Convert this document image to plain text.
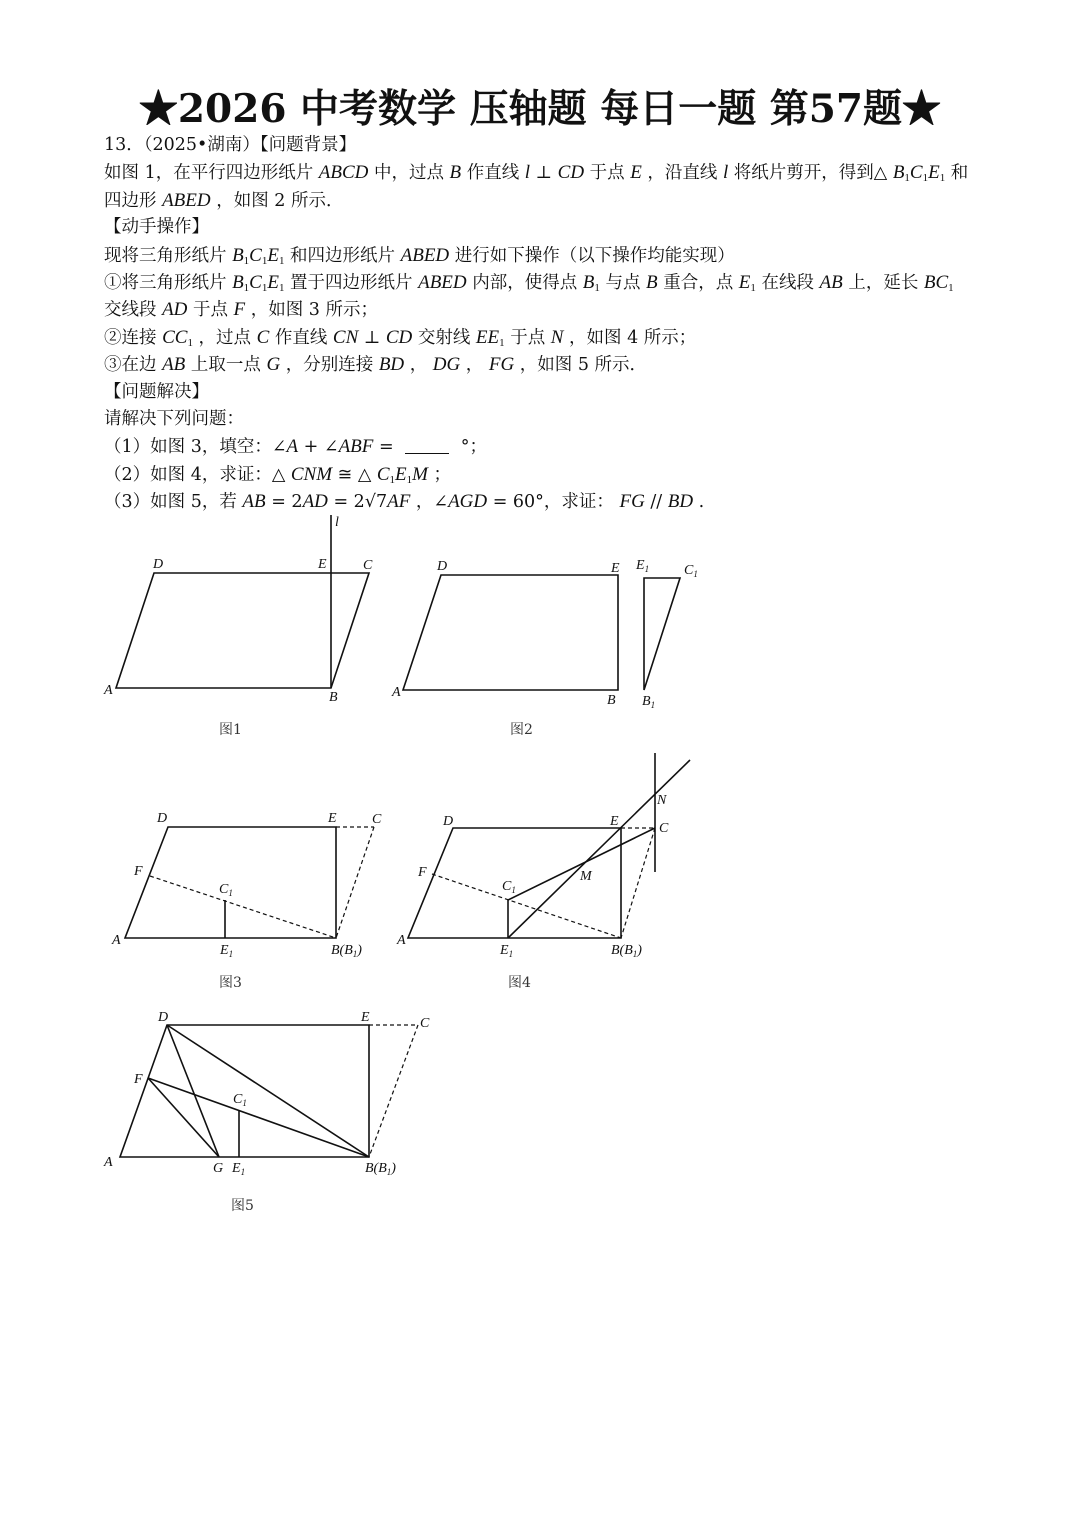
★2026 中考数学 压轴题 每日一题 第57题★
13．（2025•湖南）【问题背景】
如图 1，在平行四边形纸片 ABCD 中，过点 B 作直线 l ⊥ CD 于点 E ，沿直线 l 将纸片剪开，得到△ $B_1C_1E_1$ 和
四边形 ABED ，如图 2 所示．
【动手操作】
现将三角形纸片 $B_1C_1E_1$ 和四边形纸片 ABED 进行如下操作（以下操作均能实现）
①将三角形纸片 $B_1C_1E_1$ 置于四边形纸片 ABED 内部，使得点 $B_1$ 与点 B 重合，点 $E_1$ 在线段 AB 上，延长 $BC_1$
交线段 AD 于点 F ，如图 3 所示；
②连接 $CC_1$ ，过点 C 作直线 CN ⊥ CD 交射线 $EE_1$ 于点 N ，如图 4 所示；
③在边 AB 上取一点 G ，分别连接 BD ， DG ， FG ，如图 5 所示．
【问题解决】
请解决下列问题：
（1）如图 3，填空：∠A + ∠ABF =	°；
（2）如图 4，求证：△ CNM ≅ △ $C_1E_1M$ ；
（3）如图 5，若 AB = 2AD = 2√7AF ，∠AGD = 60°，求证： FG // BD .
D	E	C
A	B
l
图1
D	E
A
B
$E_1$ $C_1$
$B_1$
图2
D	E	C
F
$C_1$
A
$E_1$	$B(B_1)$
图3
D	E
N
C
F	M
$C_1$
A
$E_1$	$B(B_1)$
图4
D	E	C
F
$C_1$
A	G $E_1$	$B(B_1)$
图5
